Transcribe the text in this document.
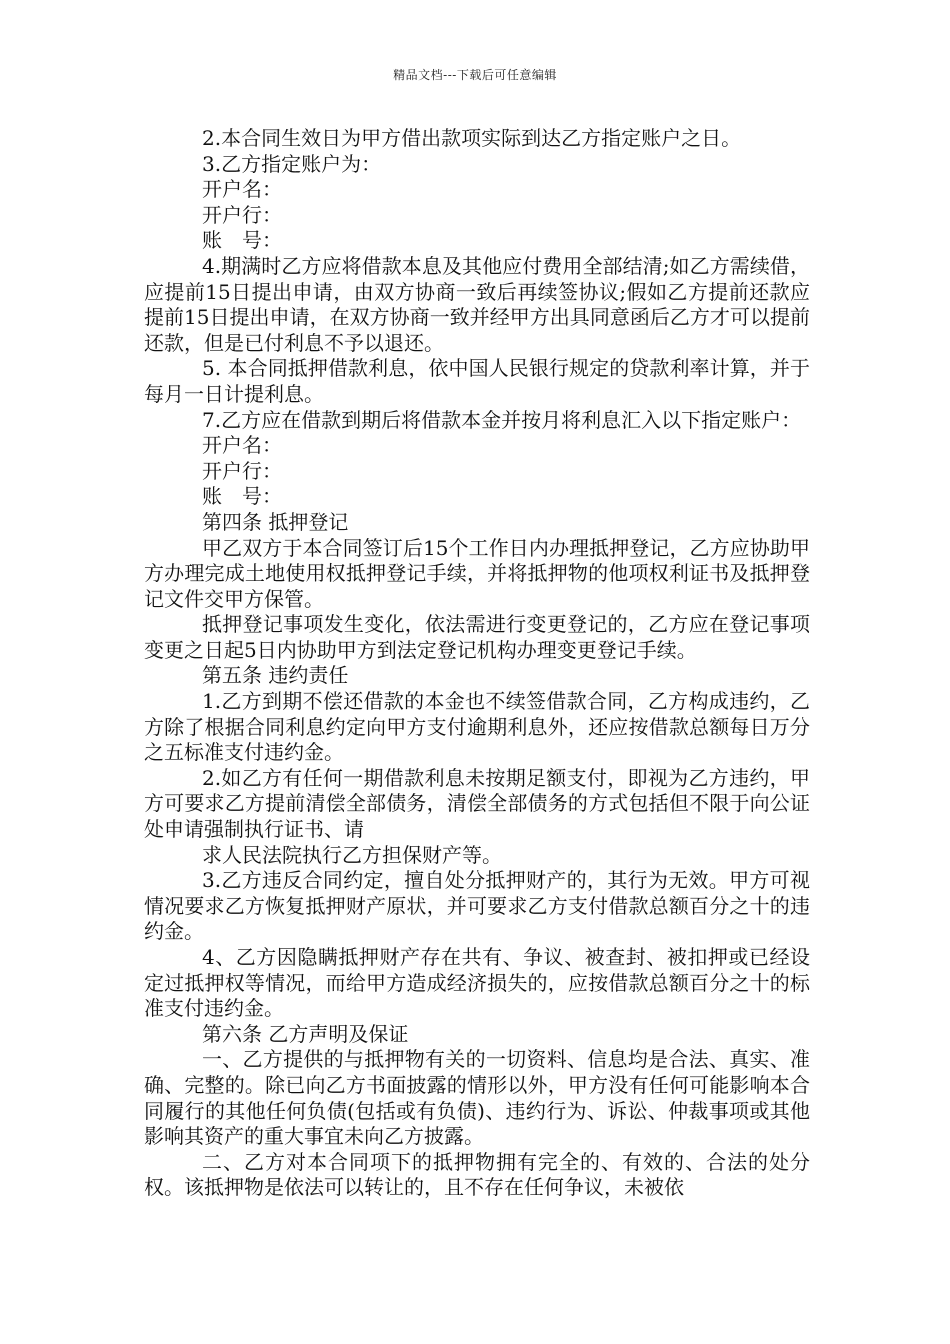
精品文档---下载后可任意编辑

2.本合同生效日为甲方借出款项实际到达乙方指定账户之日。

3.乙方指定账户为：

开户名：

开户行：

账　号：

4.期满时乙方应将借款本息及其他应付费用全部结清;如乙方需续借，应提前15日提出申请，由双方协商一致后再续签协议;假如乙方提前还款应提前15日提出申请，在双方协商一致并经甲方出具同意函后乙方才可以提前还款，但是已付利息不予以退还。

5. 本合同抵押借款利息，依中国人民银行规定的贷款利率计算，并于每月一日计提利息。

7.乙方应在借款到期后将借款本金并按月将利息汇入以下指定账户：

开户名：

开户行：

账　号：

第四条 抵押登记

甲乙双方于本合同签订后15个工作日内办理抵押登记，乙方应协助甲方办理完成土地使用权抵押登记手续，并将抵押物的他项权利证书及抵押登记文件交甲方保管。

抵押登记事项发生变化，依法需进行变更登记的，乙方应在登记事项变更之日起5日内协助甲方到法定登记机构办理变更登记手续。

第五条 违约责任

1.乙方到期不偿还借款的本金也不续签借款合同，乙方构成违约，乙方除了根据合同利息约定向甲方支付逾期利息外，还应按借款总额每日万分之五标准支付违约金。

2.如乙方有任何一期借款利息未按期足额支付，即视为乙方违约，甲方可要求乙方提前清偿全部债务，清偿全部债务的方式包括但不限于向公证处申请强制执行证书、请

求人民法院执行乙方担保财产等。

3.乙方违反合同约定，擅自处分抵押财产的，其行为无效。甲方可视情况要求乙方恢复抵押财产原状，并可要求乙方支付借款总额百分之十的违约金。

4、乙方因隐瞒抵押财产存在共有、争议、被查封、被扣押或已经设定过抵押权等情况，而给甲方造成经济损失的，应按借款总额百分之十的标准支付违约金。

第六条 乙方声明及保证

一、乙方提供的与抵押物有关的一切资料、信息均是合法、真实、准确、完整的。除已向乙方书面披露的情形以外，甲方没有任何可能影响本合同履行的其他任何负债(包括或有负债)、违约行为、诉讼、仲裁事项或其他影响其资产的重大事宜未向乙方披露。

二、乙方对本合同项下的抵押物拥有完全的、有效的、合法的处分权。该抵押物是依法可以转让的，且不存在任何争议，未被依
